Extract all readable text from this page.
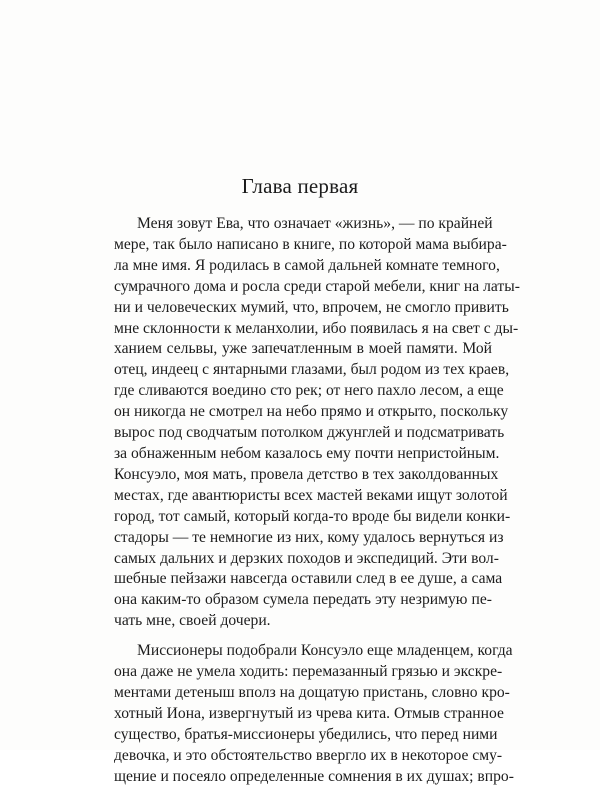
Глава первая
Меня зовут Ева, что означает «жизнь», — по крайней
мере, так было написано в книге, по которой мама выбира-
ла мне имя. Я родилась в самой дальней комнате темного,
сумрачного дома и росла среди старой мебели, книг на латы-
ни и человеческих мумий, что, впрочем, не смогло привить
мне склонности к меланхолии, ибо появилась я на свет с ды-
ханием сельвы, уже запечатленным в моей памяти. Мой
отец, индеец с янтарными глазами, был родом из тех краев,
где сливаются воедино сто рек; от него пахло лесом, а еще
он никогда не смотрел на небо прямо и открыто, поскольку
вырос под сводчатым потолком джунглей и подсматривать
за обнаженным небом казалось ему почти непристойным.
Консуэло, моя мать, провела детство в тех заколдованных
местах, где авантюристы всех мастей веками ищут золотой
город, тот самый, который когда-то вроде бы видели конки-
стадоры — те немногие из них, кому удалось вернуться из
самых дальних и дерзких походов и экспедиций. Эти вол-
шебные пейзажи навсегда оставили след в ее душе, а сама
она каким-то образом сумела передать эту незримую пе-
чать мне, своей дочери.
Миссионеры подобрали Консуэло еще младенцем, когда
она даже не умела ходить: перемазанный грязью и экскре-
ментами детеныш вполз на дощатую пристань, словно кро-
хотный Иона, извергнутый из чрева кита. Отмыв странное
существо, братья-миссионеры убедились, что перед ними
девочка, и это обстоятельство ввергло их в некоторое сму-
щение и посеяло определенные сомнения в их душах; впро-
